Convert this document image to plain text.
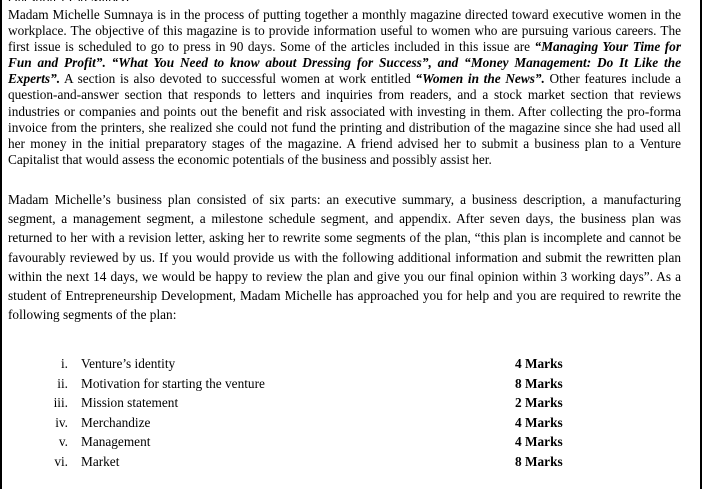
Madam Michelle Sumnaya is in the process of putting together a monthly magazine directed toward executive women in the workplace. The objective of this magazine is to provide information useful to women who are pursuing various careers. The first issue is scheduled to go to press in 90 days. Some of the articles included in this issue are “Managing Your Time for Fun and Profit”. “What You Need to know about Dressing for Success”, and “Money Management: Do It Like the Experts”. A section is also devoted to successful women at work entitled “Women in the News”. Other features include a question-and-answer section that responds to letters and inquiries from readers, and a stock market section that reviews industries or companies and points out the benefit and risk associated with investing in them. After collecting the pro-forma invoice from the printers, she realized she could not fund the printing and distribution of the magazine since she had used all her money in the initial preparatory stages of the magazine. A friend advised her to submit a business plan to a Venture Capitalist that would assess the economic potentials of the business and possibly assist her.

Madam Michelle’s business plan consisted of six parts: an executive summary, a business description, a manufacturing segment, a management segment, a milestone schedule segment, and appendix. After seven days, the business plan was returned to her with a revision letter, asking her to rewrite some segments of the plan, “this plan is incomplete and cannot be favourably reviewed by us. If you would provide us with the following additional information and submit the rewritten plan within the next 14 days, we would be happy to review the plan and give you our final opinion within 3 working days”. As a student of Entrepreneurship Development, Madam Michelle has approached you for help and you are required to rewrite the following segments of the plan:

i. Venture’s identity	4 Marks
ii. Motivation for starting the venture	8 Marks
iii. Mission statement	2 Marks
iv. Merchandize	4 Marks
v. Management	4 Marks
vi. Market	8 Marks
